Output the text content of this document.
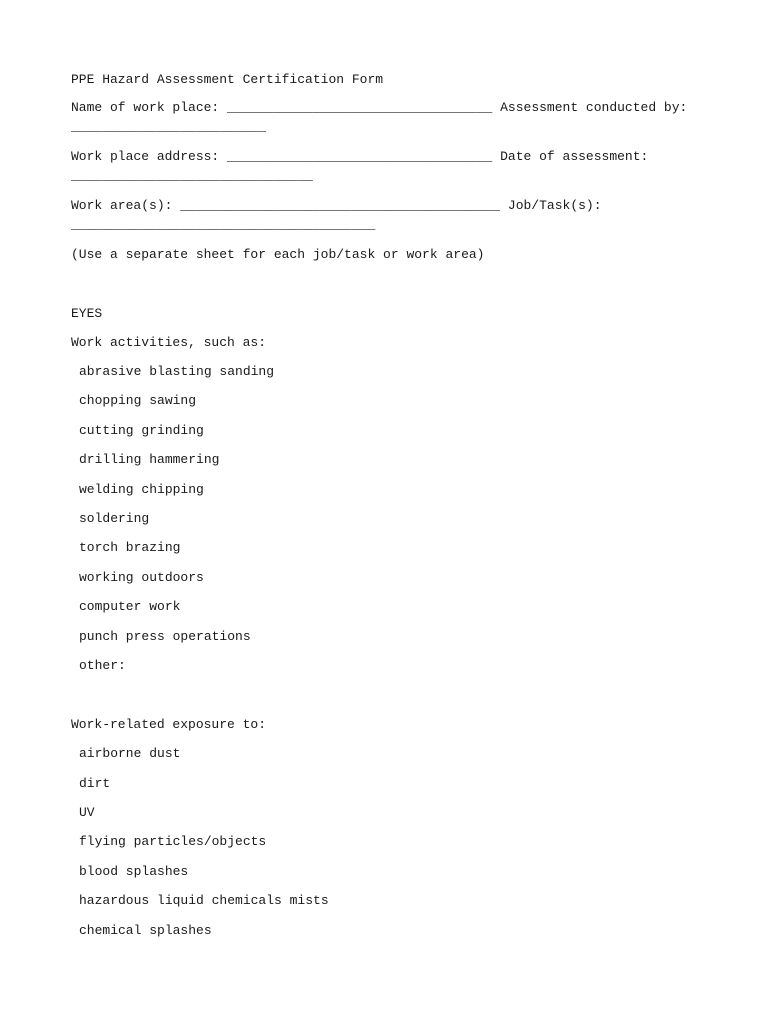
PPE Hazard Assessment Certification Form
Name of work place: __________________________________ Assessment conducted by: _________________________
Work place address: __________________________________ Date of assessment: _______________________________
Work area(s): _________________________________________ Job/Task(s): _______________________________________
(Use a separate sheet for each job/task or work area)
EYES
Work activities, such as:
abrasive blasting sanding
chopping sawing
cutting grinding
drilling hammering
welding chipping
soldering
torch brazing
working outdoors
computer work
punch press operations
other:
Work-related exposure to:
airborne dust
dirt
UV
flying particles/objects
blood splashes
hazardous liquid chemicals mists
chemical splashes
